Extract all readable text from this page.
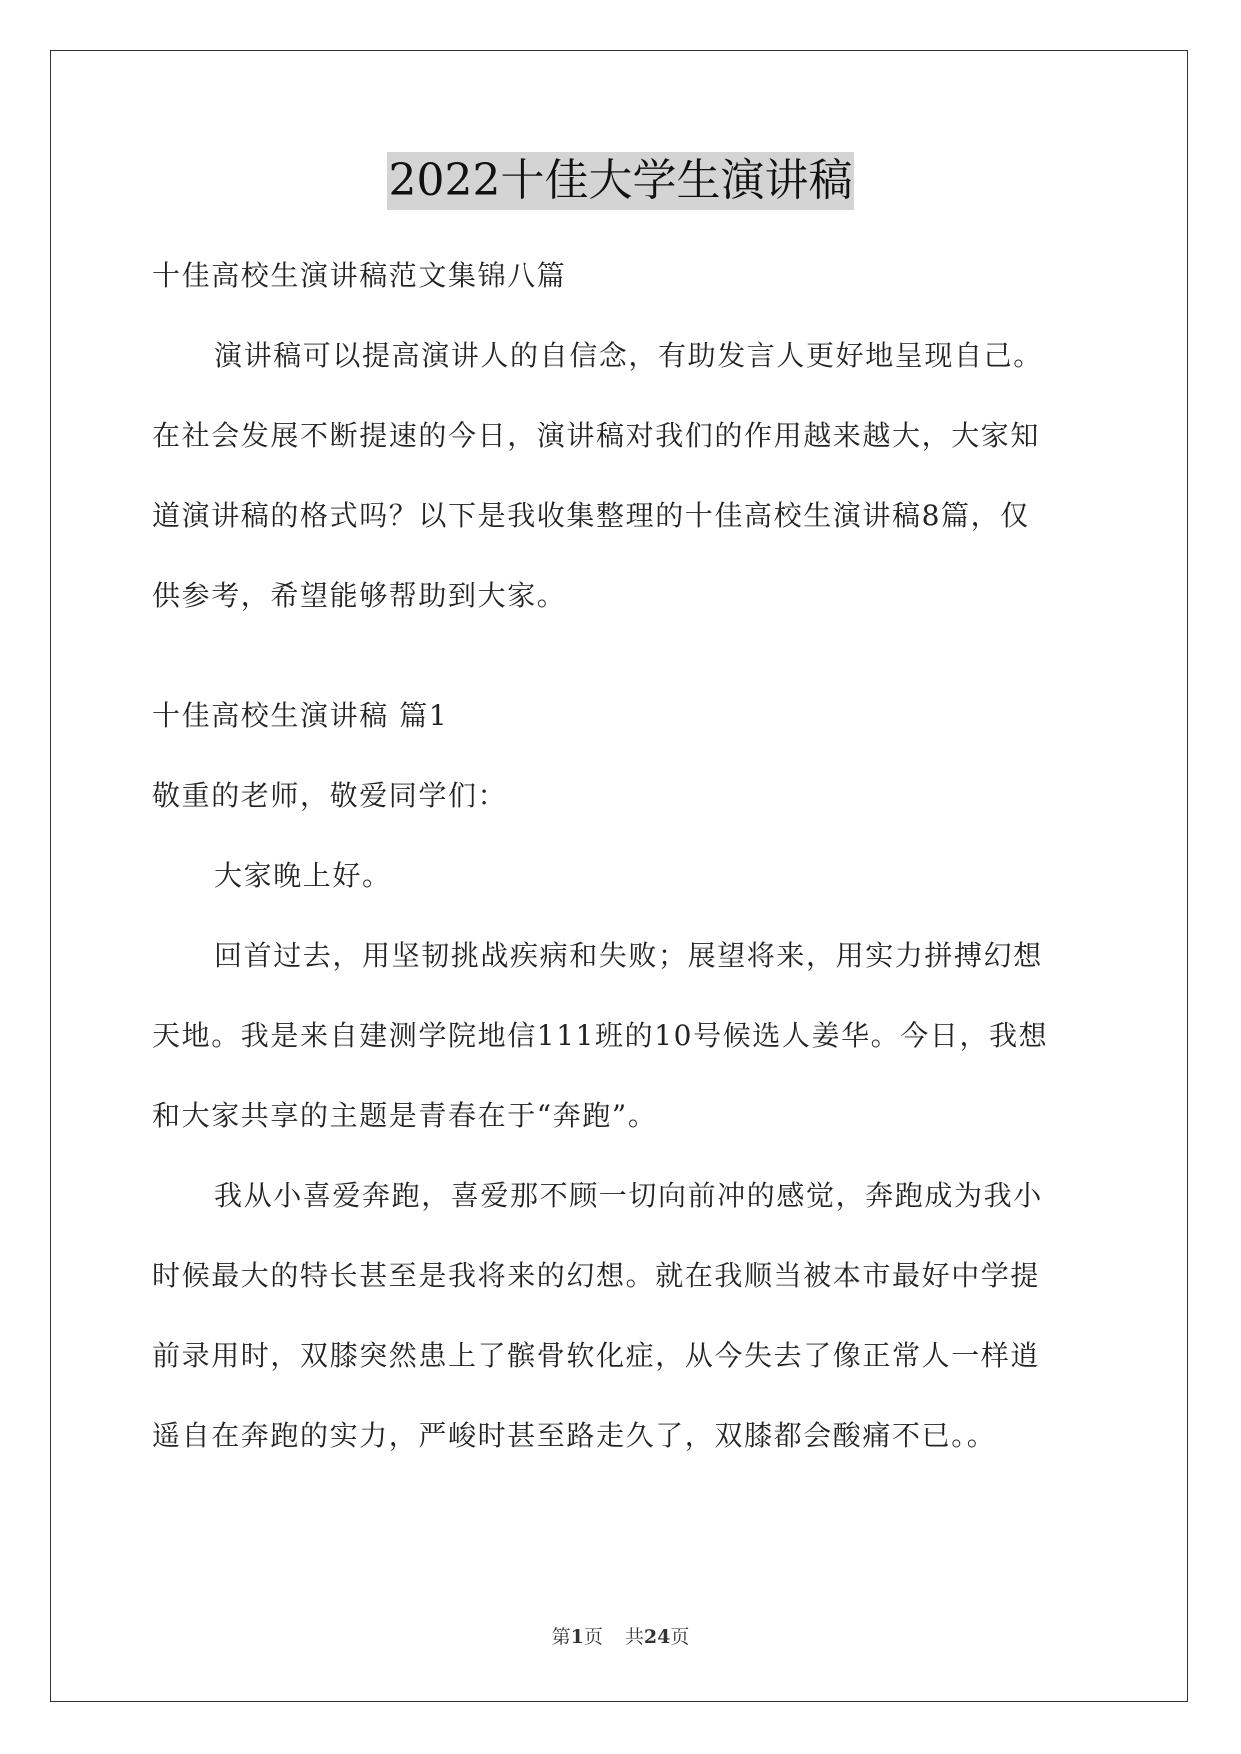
2022十佳大学生演讲稿

十佳高校生演讲稿范文集锦八篇

演讲稿可以提高演讲人的自信念，有助发言人更好地呈现自己。

在社会发展不断提速的今日，演讲稿对我们的作用越来越大，大家知

道演讲稿的格式吗？以下是我收集整理的十佳高校生演讲稿8篇，仅

供参考，希望能够帮助到大家。

十佳高校生演讲稿 篇1

敬重的老师，敬爱同学们：

大家晚上好。

回首过去，用坚韧挑战疾病和失败；展望将来，用实力拼搏幻想

天地。我是来自建测学院地信111班的10号候选人姜华。今日，我想

和大家共享的主题是青春在于“奔跑”。

我从小喜爱奔跑，喜爱那不顾一切向前冲的感觉，奔跑成为我小

时候最大的特长甚至是我将来的幻想。就在我顺当被本市最好中学提

前录用时，双膝突然患上了髌骨软化症，从今失去了像正常人一样逍

遥自在奔跑的实力，严峻时甚至路走久了，双膝都会酸痛不已。。

第1页 共24页
